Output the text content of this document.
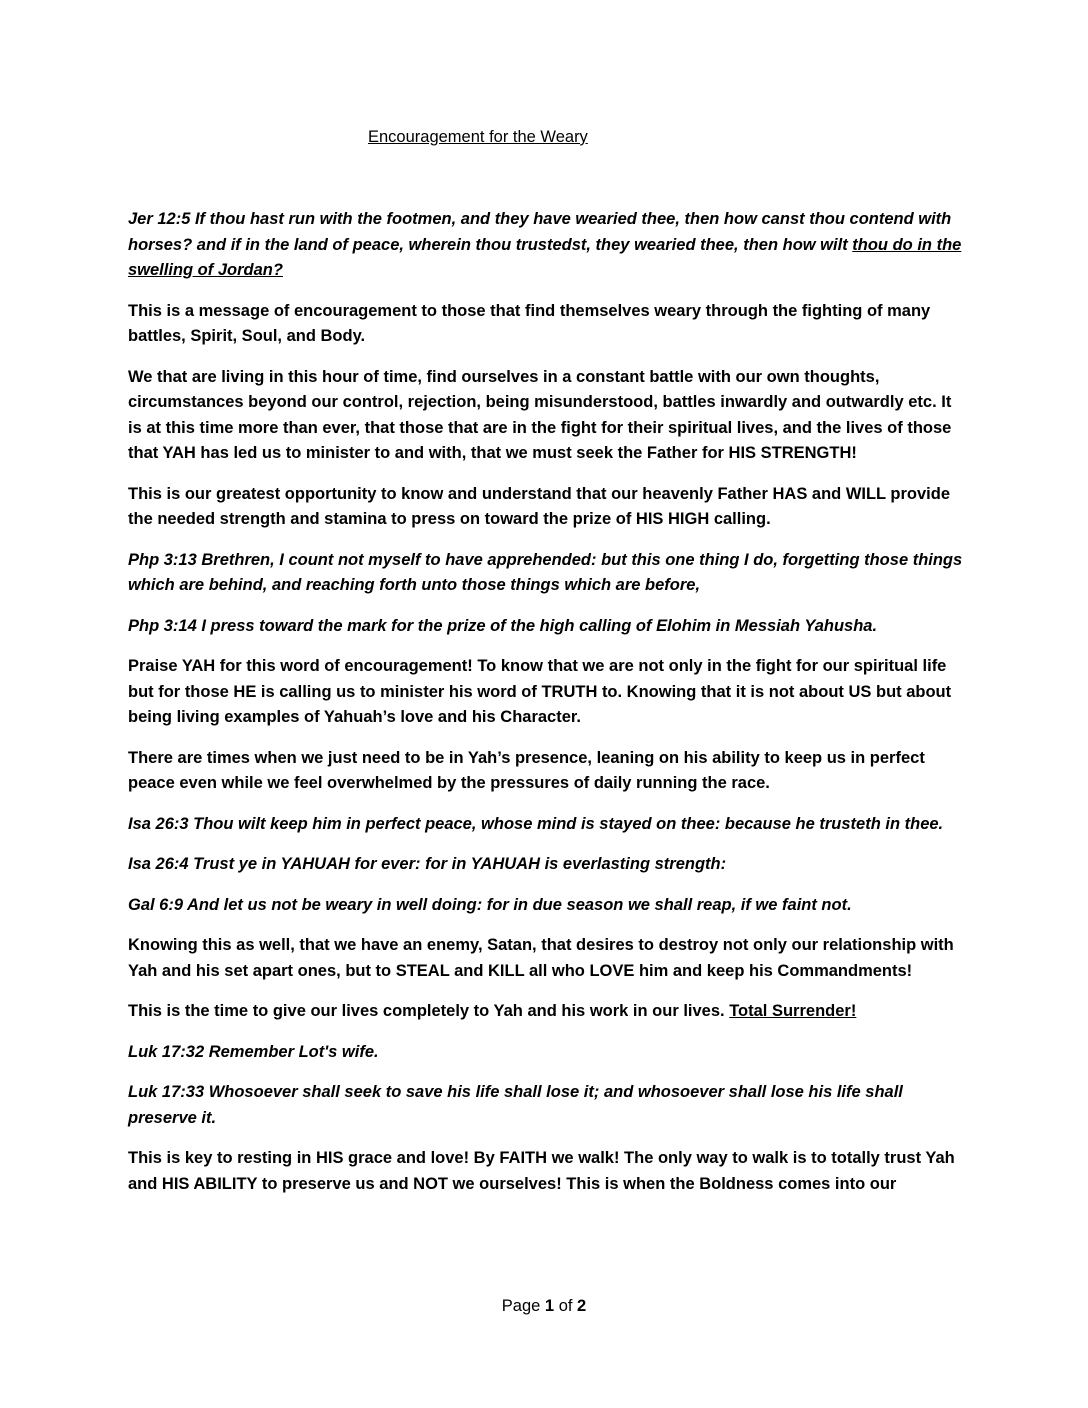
Encouragement for the Weary

Jer 12:5 If thou hast run with the footmen, and they have wearied thee, then how canst thou contend with horses? and if in the land of peace, wherein thou trustedst, they wearied thee, then how wilt thou do in the swelling of Jordan?

This is a message of encouragement to those that find themselves weary through the fighting of many battles, Spirit, Soul, and Body.

We that are living in this hour of time, find ourselves in a constant battle with our own thoughts, circumstances beyond our control, rejection, being misunderstood, battles inwardly and outwardly etc. It is at this time more than ever, that those that are in the fight for their spiritual lives, and the lives of those that YAH has led us to minister to and with, that we must seek the Father for HIS STRENGTH!

This is our greatest opportunity to know and understand that our heavenly Father HAS and WILL provide the needed strength and stamina to press on toward the prize of HIS HIGH calling.

Php 3:13 Brethren, I count not myself to have apprehended: but this one thing I do, forgetting those things which are behind, and reaching forth unto those things which are before,

Php 3:14 I press toward the mark for the prize of the high calling of Elohim in Messiah Yahusha.

Praise YAH for this word of encouragement! To know that we are not only in the fight for our spiritual life but for those HE is calling us to minister his word of TRUTH to. Knowing that it is not about US but about being living examples of Yahuah’s love and his Character.

There are times when we just need to be in Yah’s presence, leaning on his ability to keep us in perfect peace even while we feel overwhelmed by the pressures of daily running the race.

Isa 26:3 Thou wilt keep him in perfect peace, whose mind is stayed on thee: because he trusteth in thee.

Isa 26:4 Trust ye in YAHUAH for ever: for in YAHUAH is everlasting strength:

Gal 6:9 And let us not be weary in well doing: for in due season we shall reap, if we faint not.

Knowing this as well, that we have an enemy, Satan, that desires to destroy not only our relationship with Yah and his set apart ones, but to STEAL and KILL all who LOVE him and keep his Commandments!

This is the time to give our lives completely to Yah and his work in our lives. Total Surrender!

Luk 17:32 Remember Lot's wife.

Luk 17:33 Whosoever shall seek to save his life shall lose it; and whosoever shall lose his life shall preserve it.

This is key to resting in HIS grace and love! By FAITH we walk! The only way to walk is to totally trust Yah and HIS ABILITY to preserve us and NOT we ourselves! This is when the Boldness comes into our

Page 1 of 2
